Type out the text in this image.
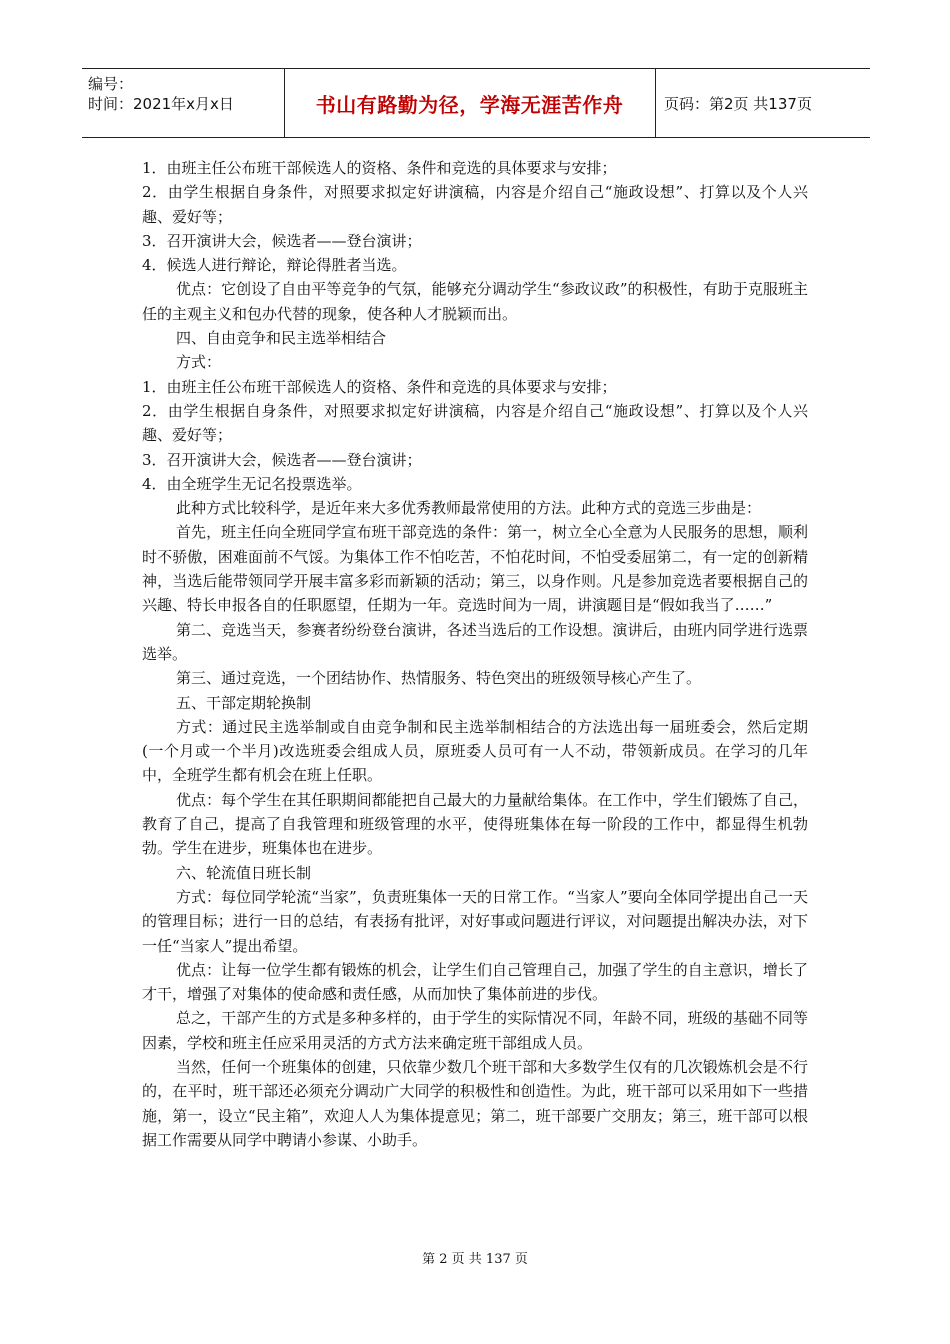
编号：
时间：2021年x月x日	书山有路勤为径，学海无涯苦作舟	页码：第2页 共137页

1．由班主任公布班干部候选人的资格、条件和竞选的具体要求与安排；

2．由学生根据自身条件，对照要求拟定好讲演稿，内容是介绍自己“施政设想”、打算以及个人兴趣、爱好等；

3．召开演讲大会，候选者——登台演讲；

4．候选人进行辩论，辩论得胜者当选。

优点：它创设了自由平等竞争的气氛，能够充分调动学生“参政议政”的积极性，有助于克服班主任的主观主义和包办代替的现象，使各种人才脱颖而出。

四、自由竞争和民主选举相结合

方式：

1．由班主任公布班干部候选人的资格、条件和竞选的具体要求与安排；

2．由学生根据自身条件，对照要求拟定好讲演稿，内容是介绍自己“施政设想”、打算以及个人兴趣、爱好等；

3．召开演讲大会，候选者——登台演讲；

4．由全班学生无记名投票选举。

此种方式比较科学，是近年来大多优秀教师最常使用的方法。此种方式的竞选三步曲是：

首先，班主任向全班同学宣布班干部竞选的条件：第一，树立全心全意为人民服务的思想，顺利时不骄傲，困难面前不气馁。为集体工作不怕吃苦，不怕花时间，不怕受委屈第二，有一定的创新精神，当选后能带领同学开展丰富多彩而新颖的活动；第三，以身作则。凡是参加竞选者要根据自己的兴趣、特长申报各自的任职愿望，任期为一年。竞选时间为一周，讲演题目是“假如我当了……”

第二、竞选当天，参赛者纷纷登台演讲，各述当选后的工作设想。演讲后，由班内同学进行选票选举。

第三、通过竞选，一个团结协作、热情服务、特色突出的班级领导核心产生了。

五、干部定期轮换制

方式：通过民主选举制或自由竞争制和民主选举制相结合的方法选出每一届班委会，然后定期(一个月或一个半月)改选班委会组成人员，原班委人员可有一人不动，带领新成员。在学习的几年中，全班学生都有机会在班上任职。

优点：每个学生在其任职期间都能把自己最大的力量献给集体。在工作中，学生们锻炼了自己，教育了自己，提高了自我管理和班级管理的水平，使得班集体在每一阶段的工作中，都显得生机勃勃。学生在进步，班集体也在进步。

六、轮流值日班长制

方式：每位同学轮流“当家”，负责班集体一天的日常工作。“当家人”要向全体同学提出自己一天的管理目标；进行一日的总结，有表扬有批评，对好事或问题进行评议，对问题提出解决办法，对下一任“当家人”提出希望。

优点：让每一位学生都有锻炼的机会，让学生们自己管理自己，加强了学生的自主意识，增长了才干，增强了对集体的使命感和责任感，从而加快了集体前进的步伐。

总之，干部产生的方式是多种多样的，由于学生的实际情况不同，年龄不同，班级的基础不同等因素，学校和班主任应采用灵活的方式方法来确定班干部组成人员。

当然，任何一个班集体的创建，只依靠少数几个班干部和大多数学生仅有的几次锻炼机会是不行的，在平时，班干部还必须充分调动广大同学的积极性和创造性。为此，班干部可以采用如下一些措施，第一，设立“民主箱”，欢迎人人为集体提意见；第二，班干部要广交朋友；第三，班干部可以根据工作需要从同学中聘请小参谋、小助手。

第 2 页 共 137 页
